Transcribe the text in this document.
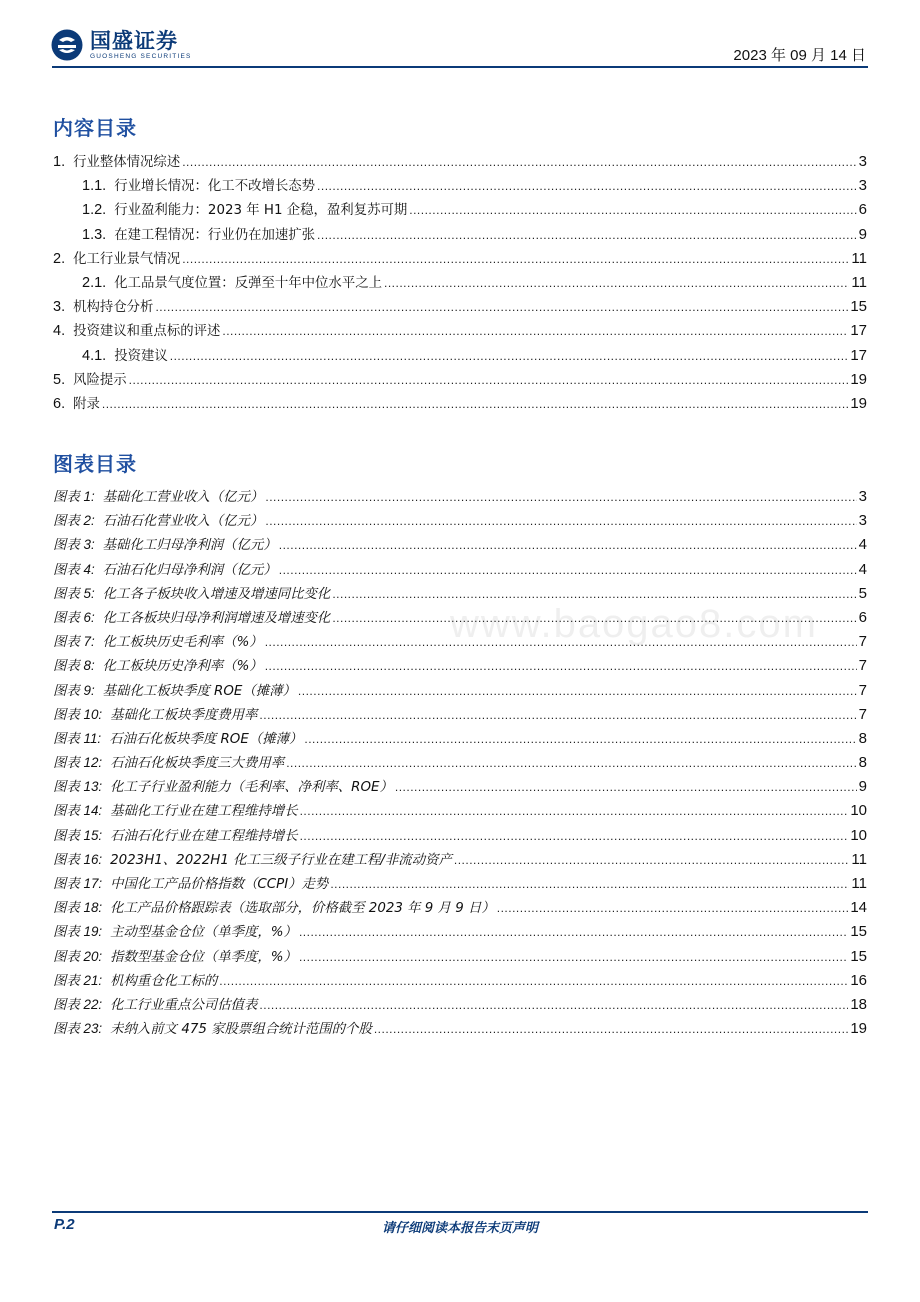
国盛证券
GUOSHENG SECURITIES	2023 年 09 月 14 日
内容目录
1. 行业整体情况综述 .....	3
1.1. 行业增长情况：化工不改增长态势 .....	3
1.2. 行业盈利能力：2023 年 H1 企稳，盈利复苏可期 .....	6
1.3. 在建工程情况：行业仍在加速扩张 .....	9
2. 化工行业景气情况 .....	11
2.1. 化工品景气度位置：反弹至十年中位水平之上 .....	11
3. 机构持仓分析 .....	15
4. 投资建议和重点标的评述 .....	17
4.1. 投资建议 .....	17
5. 风险提示 .....	19
6. 附录 .....	19
图表目录
图表 1: 基础化工营业收入（亿元） .....	3
图表 2: 石油石化营业收入（亿元） .....	3
图表 3: 基础化工归母净利润（亿元） .....	4
图表 4: 石油石化归母净利润（亿元） .....	4
图表 5: 化工各子板块收入增速及增速同比变化 .....	5
图表 6: 化工各板块归母净利润增速及增速变化 .....	6
图表 7: 化工板块历史毛利率（%） .....	7
图表 8: 化工板块历史净利率（%） .....	7
图表 9: 基础化工板块季度 ROE（摊薄） .....	7
图表 10: 基础化工板块季度费用率 .....	7
图表 11: 石油石化板块季度 ROE（摊薄） .....	8
图表 12: 石油石化板块季度三大费用率 .....	8
图表 13: 化工子行业盈利能力（毛利率、净利率、ROE） .....	9
图表 14: 基础化工行业在建工程维持增长 .....	10
图表 15: 石油石化行业在建工程维持增长 .....	10
图表 16: 2023H1、2022H1 化工三级子行业在建工程/非流动资产 .....	11
图表 17: 中国化工产品价格指数（CCPI）走势 .....	11
图表 18: 化工产品价格跟踪表（选取部分，价格截至 2023 年 9 月 9 日） .....	14
图表 19: 主动型基金仓位（单季度，%） .....	15
图表 20: 指数型基金仓位（单季度，%） .....	15
图表 21: 机构重仓化工标的 .....	16
图表 22: 化工行业重点公司估值表 .....	18
图表 23: 未纳入前文 475 家股票组合统计范围的个股 .....	19
www.baogao8.com
P.2	请仔细阅读本报告末页声明
